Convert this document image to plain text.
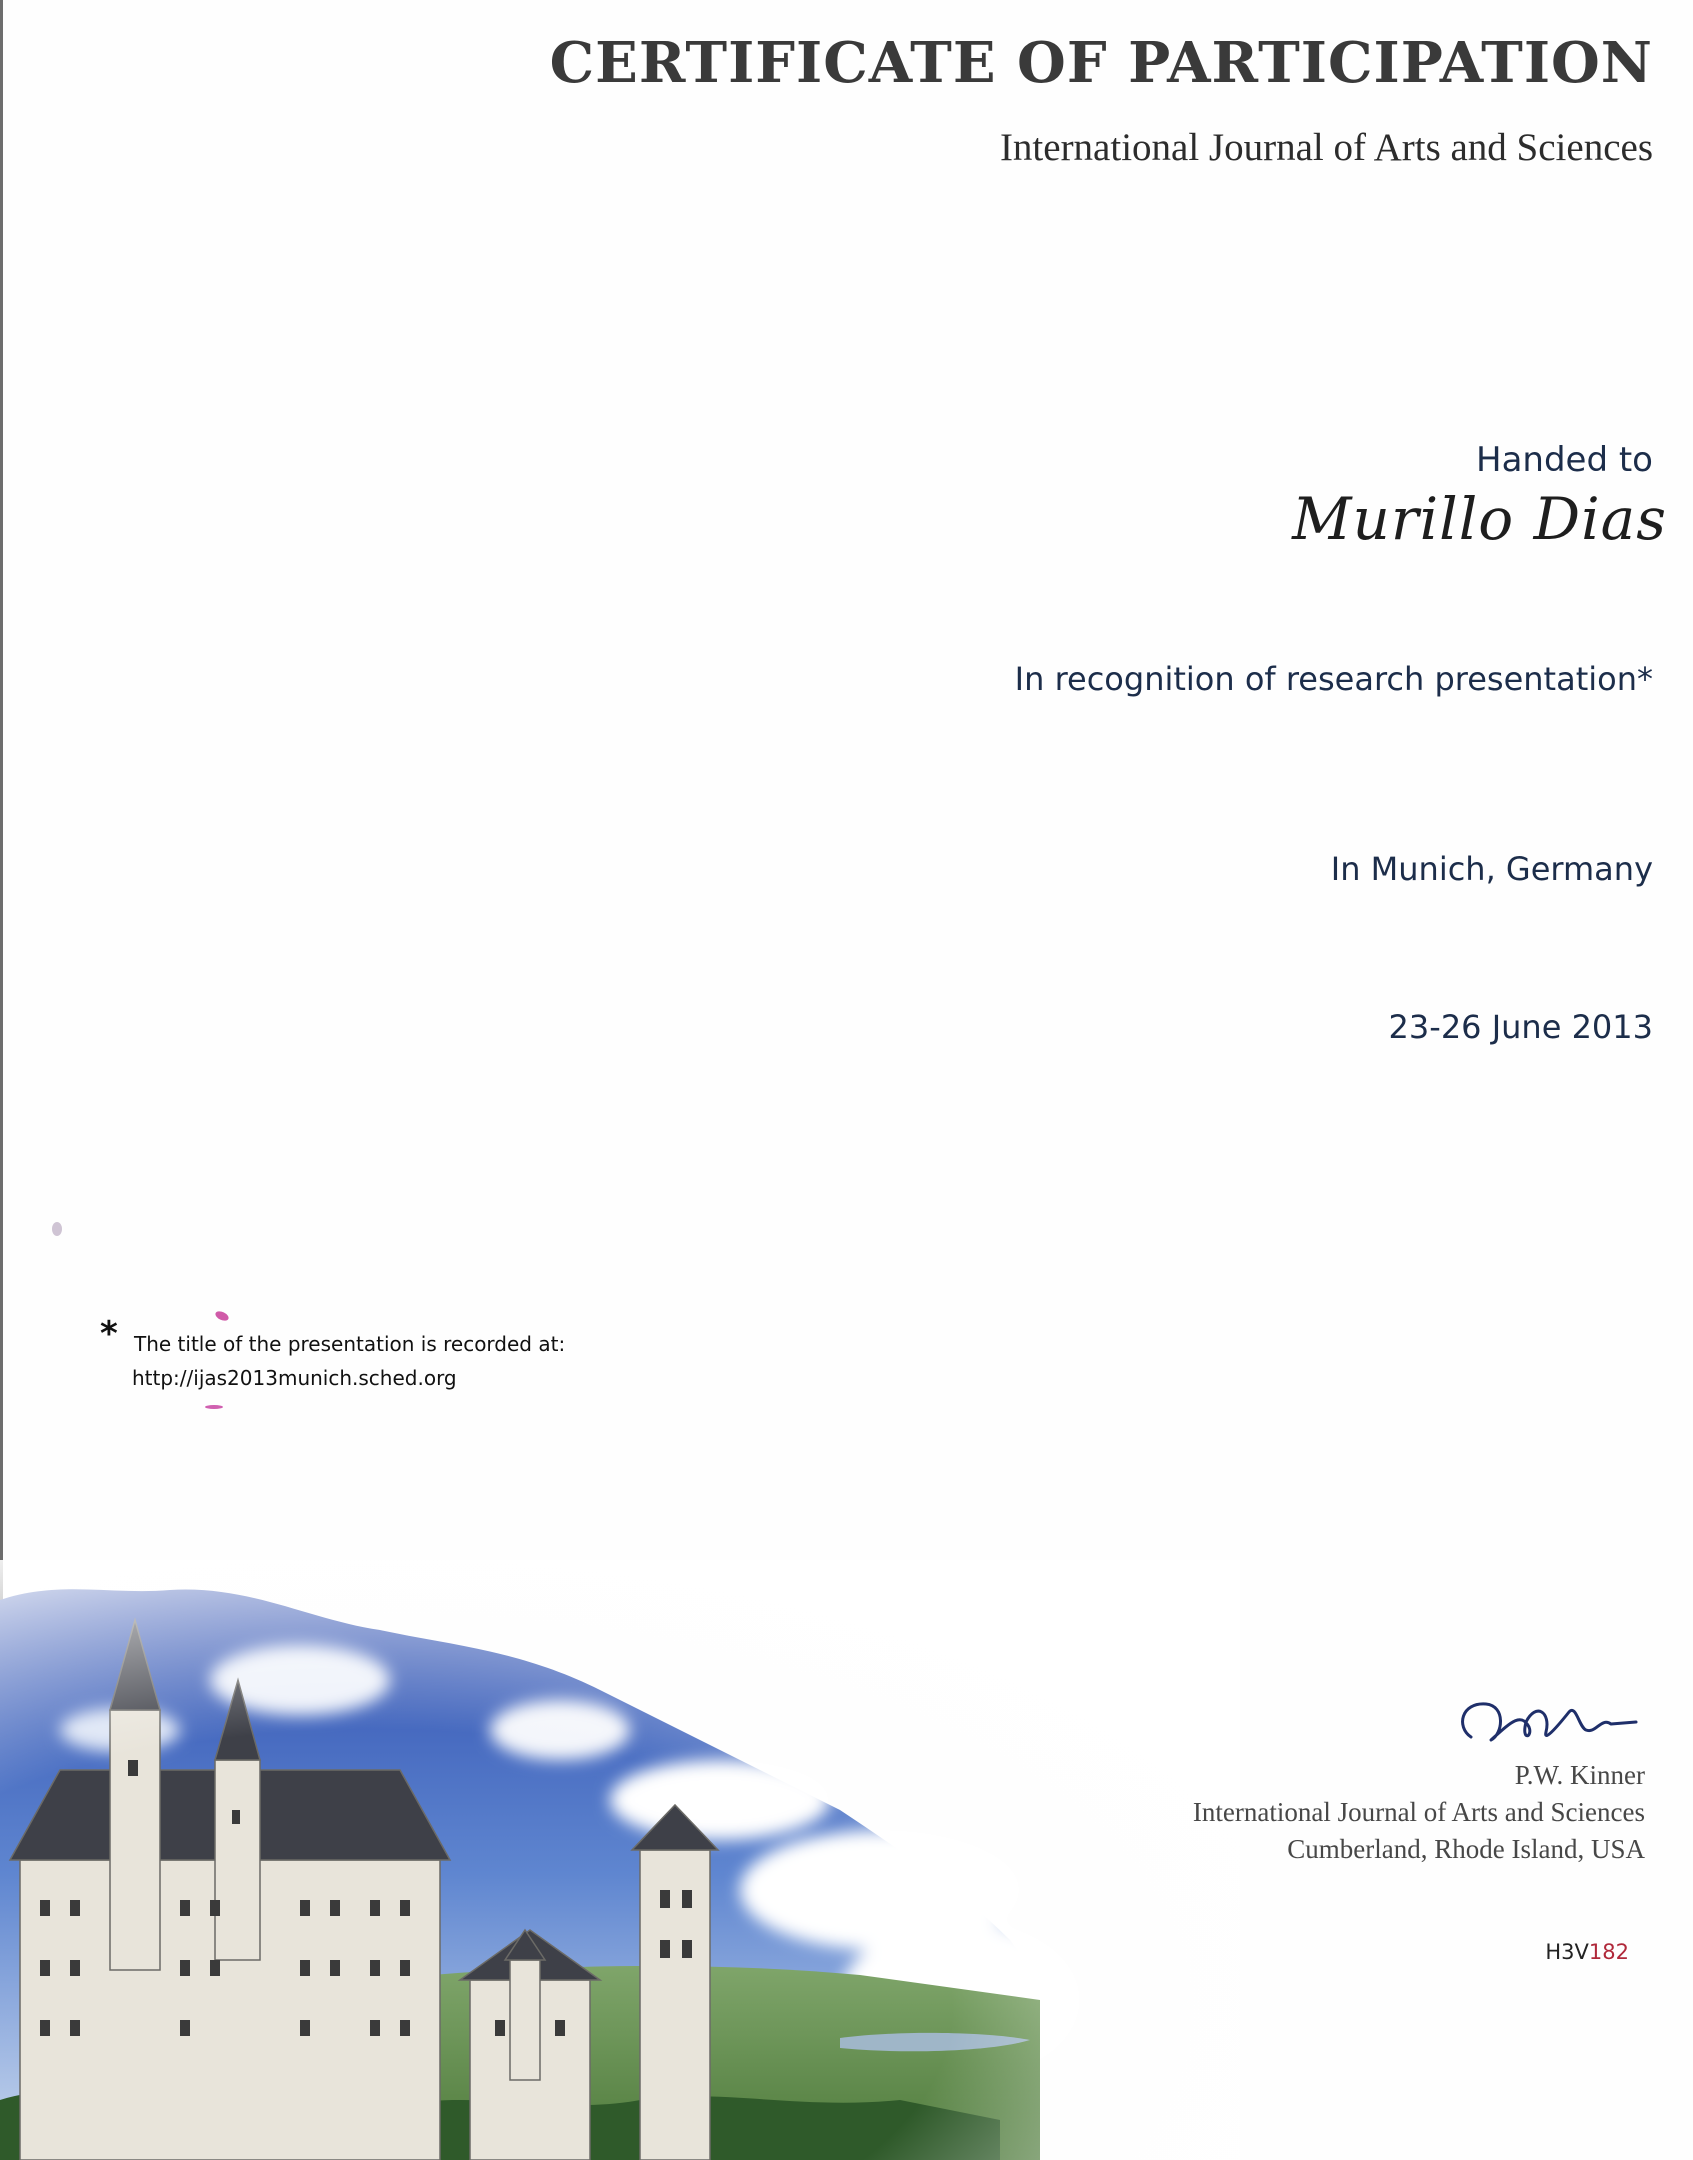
CERTIFICATE OF PARTICIPATION
International Journal of Arts and Sciences
Handed to
Murillo Dias
In recognition of research presentation*
In Munich, Germany
23-26 June 2013
* The title of the presentation is recorded at:
http://ijas2013munich.sched.org
P.W. Kinner
International Journal of Arts and Sciences
Cumberland, Rhode Island, USA
H3V182
